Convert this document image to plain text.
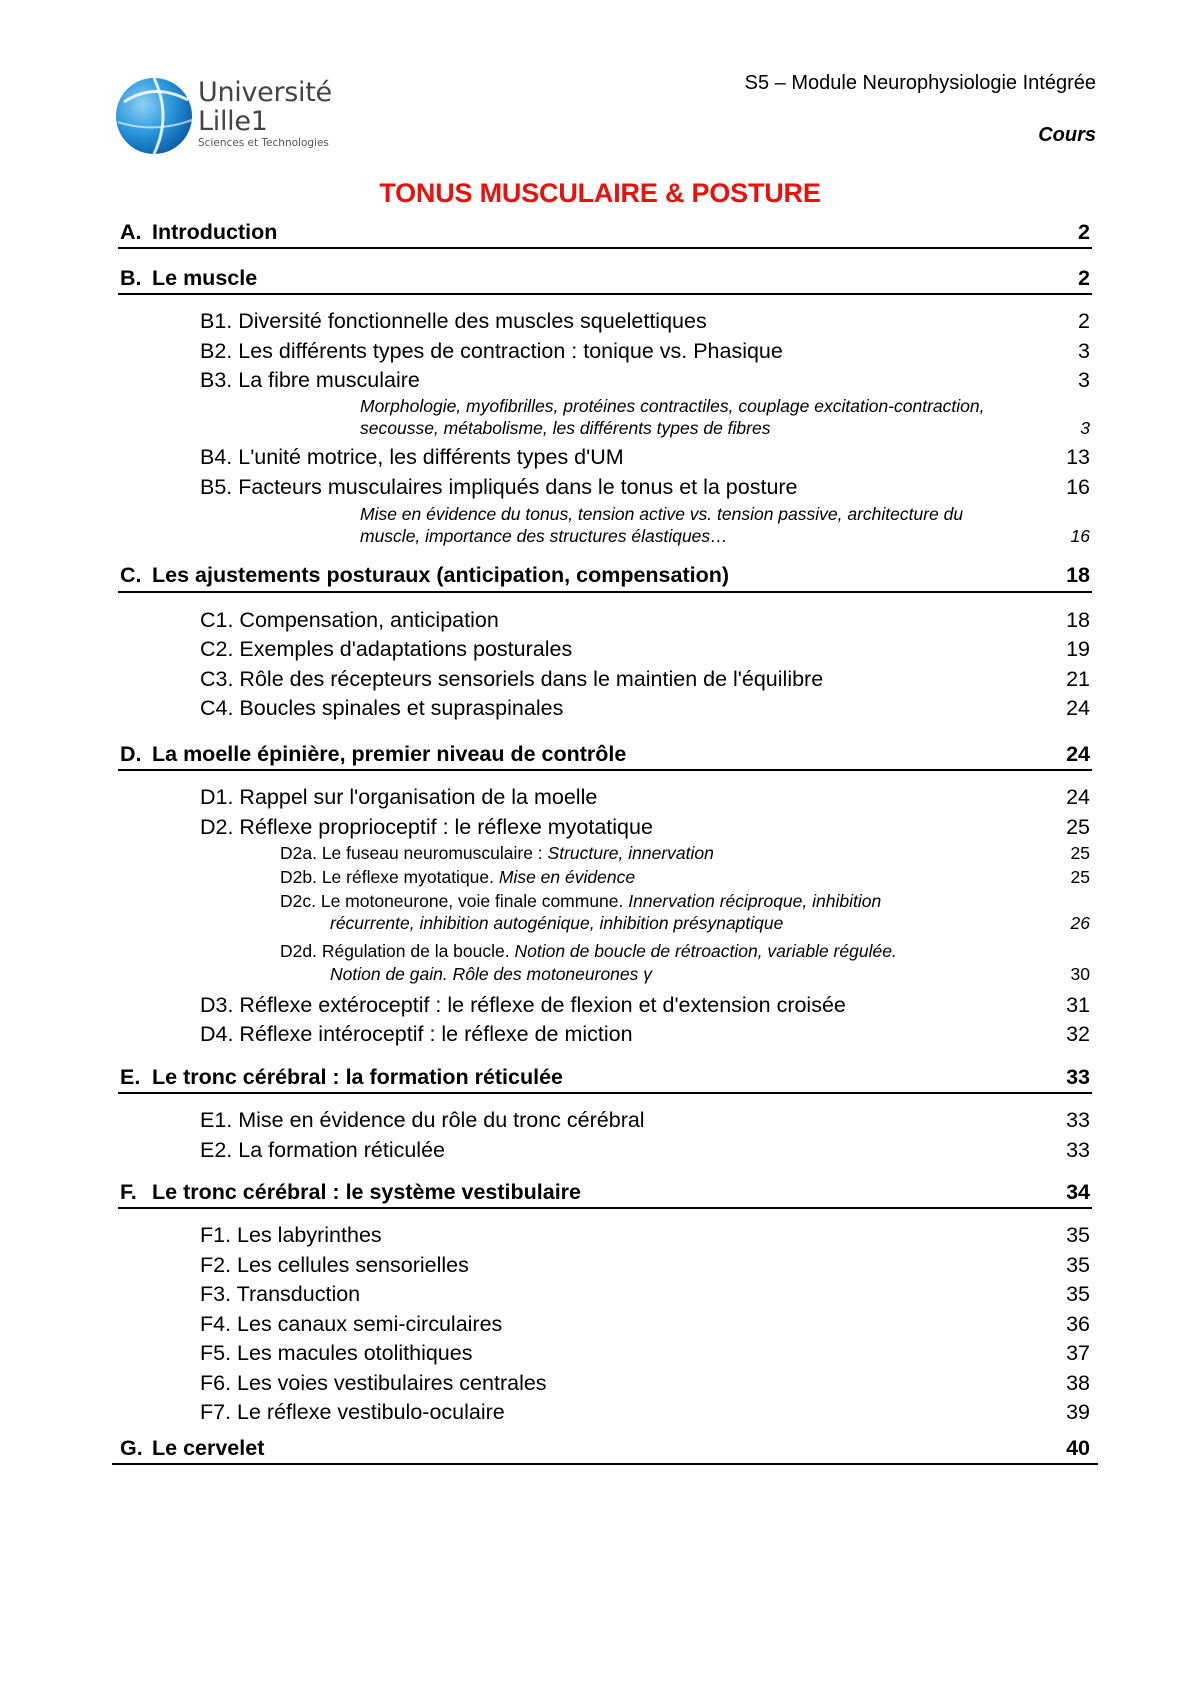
Université
Lille1
Sciences et Technologies
S5 – Module Neurophysiologie Intégrée
Cours
TONUS MUSCULAIRE & POSTURE
A. Introduction	2
B. Le muscle	2
B1. Diversité fonctionnelle des muscles squelettiques	2
B2. Les différents types de contraction : tonique vs. Phasique	3
B3. La fibre musculaire	3
Morphologie, myofibrilles, protéines contractiles, couplage excitation-contraction,
secousse, métabolisme, les différents types de fibres	3
B4. L'unité motrice, les différents types d'UM	13
B5. Facteurs musculaires impliqués dans le tonus et la posture	16
Mise en évidence du tonus, tension active vs. tension passive, architecture du
muscle, importance des structures élastiques…	16
C. Les ajustements posturaux (anticipation, compensation)	18
C1. Compensation, anticipation	18
C2. Exemples d'adaptations posturales	19
C3. Rôle des récepteurs sensoriels dans le maintien de l'équilibre	21
C4. Boucles spinales et supraspinales	24
D. La moelle épinière, premier niveau de contrôle	24
D1. Rappel sur l'organisation de la moelle	24
D2. Réflexe proprioceptif : le réflexe myotatique	25
D2a. Le fuseau neuromusculaire : Structure, innervation	25
D2b. Le réflexe myotatique. Mise en évidence	25
D2c. Le motoneurone, voie finale commune. Innervation réciproque, inhibition
récurrente, inhibition autogénique, inhibition présynaptique	26
D2d. Régulation de la boucle. Notion de boucle de rétroaction, variable régulée.
Notion de gain. Rôle des motoneurones γ	30
D3. Réflexe extéroceptif : le réflexe de flexion et d'extension croisée	31
D4. Réflexe intéroceptif : le réflexe de miction	32
E. Le tronc cérébral : la formation réticulée	33
E1. Mise en évidence du rôle du tronc cérébral	33
E2. La formation réticulée	33
F. Le tronc cérébral : le système vestibulaire	34
F1. Les labyrinthes	35
F2. Les cellules sensorielles	35
F3. Transduction	35
F4. Les canaux semi-circulaires	36
F5. Les macules otolithiques	37
F6. Les voies vestibulaires centrales	38
F7. Le réflexe vestibulo-oculaire	39
G. Le cervelet	40
